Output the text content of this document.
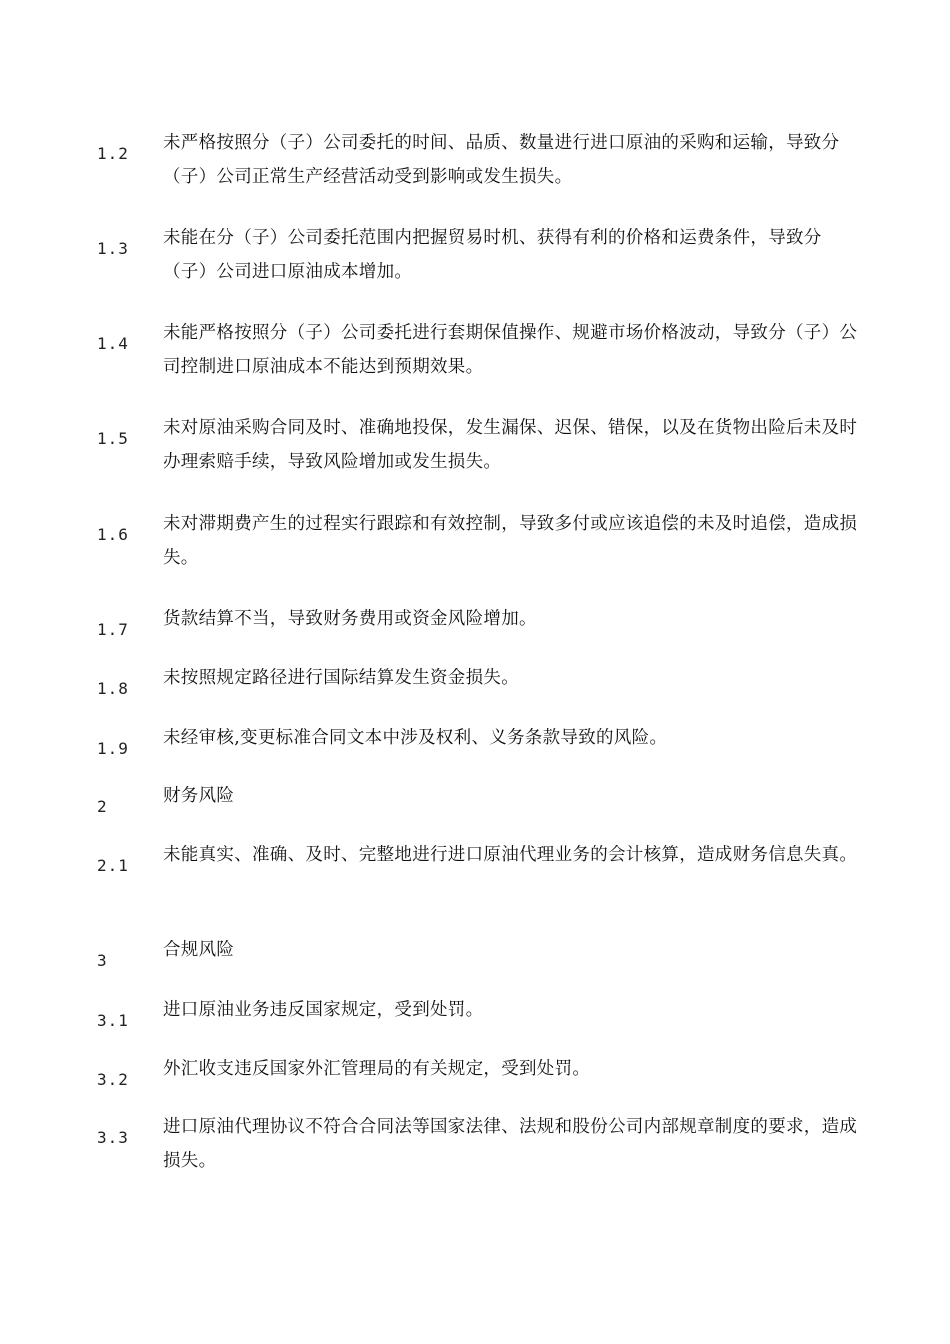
1.2
未严格按照分（子）公司委托的时间、品质、数量进行进口原油的采购和运输，导致分（子）公司正常生产经营活动受到影响或发生损失。
1.3
未能在分（子）公司委托范围内把握贸易时机、获得有利的价格和运费条件，导致分（子）公司进口原油成本增加。
1.4
未能严格按照分（子）公司委托进行套期保值操作、规避市场价格波动，导致分（子）公司控制进口原油成本不能达到预期效果。
1.5
未对原油采购合同及时、准确地投保，发生漏保、迟保、错保，以及在货物出险后未及时办理索赔手续，导致风险增加或发生损失。
1.6
未对滞期费产生的过程实行跟踪和有效控制，导致多付或应该追偿的未及时追偿，造成损失。
1.7
货款结算不当，导致财务费用或资金风险增加。
1.8
未按照规定路径进行国际结算发生资金损失。
1.9
未经审核,变更标准合同文本中涉及权利、义务条款导致的风险。
2
财务风险
2.1
未能真实、准确、及时、完整地进行进口原油代理业务的会计核算，造成财务信息失真。
3
合规风险
3.1
进口原油业务违反国家规定，受到处罚。
3.2
外汇收支违反国家外汇管理局的有关规定，受到处罚。
3.3
进口原油代理协议不符合合同法等国家法律、法规和股份公司内部规章制度的要求，造成损失。
